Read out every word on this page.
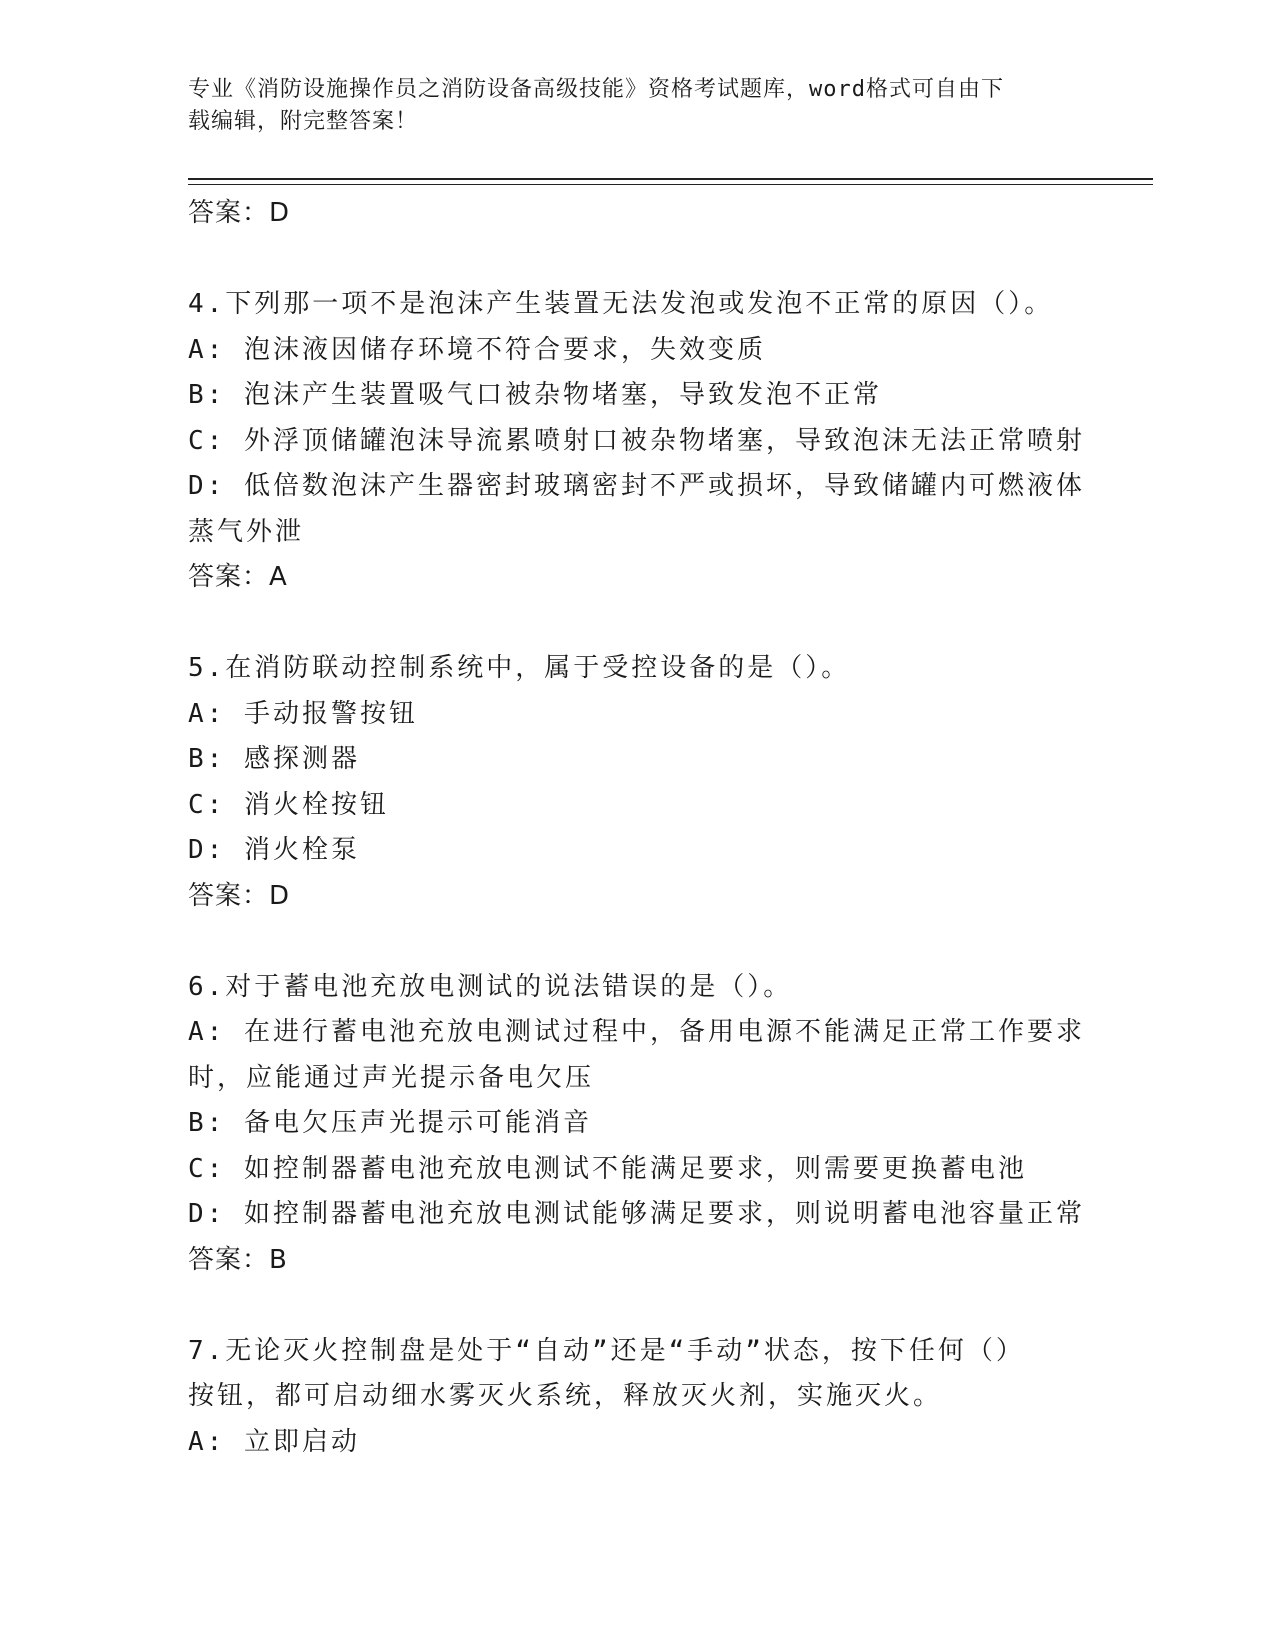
专业《消防设施操作员之消防设备高级技能》资格考试题库，word格式可自由下
载编辑，附完整答案！
答案：D
4.下列那一项不是泡沫产生装置无法发泡或发泡不正常的原因（）。
A: 泡沫液因储存环境不符合要求，失效变质
B: 泡沫产生装置吸气口被杂物堵塞，导致发泡不正常
C: 外浮顶储罐泡沫导流累喷射口被杂物堵塞，导致泡沫无法正常喷射
D: 低倍数泡沫产生器密封玻璃密封不严或损坏，导致储罐内可燃液体
蒸气外泄
答案：A
5.在消防联动控制系统中，属于受控设备的是（）。
A: 手动报警按钮
B: 感探测器
C: 消火栓按钮
D: 消火栓泵
答案：D
6.对于蓄电池充放电测试的说法错误的是（）。
A: 在进行蓄电池充放电测试过程中，备用电源不能满足正常工作要求
时，应能通过声光提示备电欠压
B: 备电欠压声光提示可能消音
C: 如控制器蓄电池充放电测试不能满足要求，则需要更换蓄电池
D: 如控制器蓄电池充放电测试能够满足要求，则说明蓄电池容量正常
答案：B
7.无论灭火控制盘是处于“自动”还是“手动”状态，按下任何（）
按钮，都可启动细水雾灭火系统，释放灭火剂，实施灭火。
A: 立即启动
